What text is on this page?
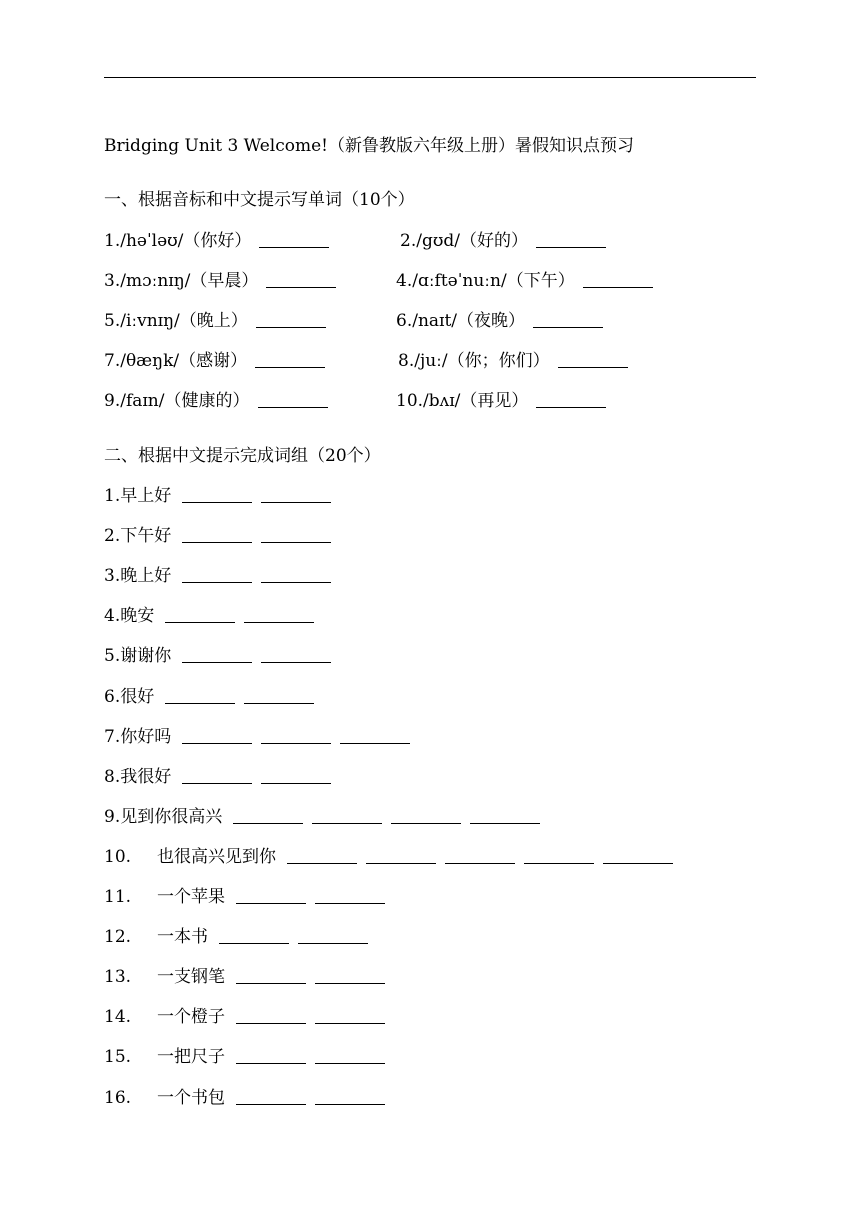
Bridging Unit 3 Welcome!（新鲁教版六年级上册）暑假知识点预习
一、根据音标和中文提示写单词（10个）
1./həˈləʊ/（你好）	2./gʊd/（好的）
3./mɔːnɪŋ/（早晨）	4./ɑːftəˈnuːn/（下午）
5./iːvnɪŋ/（晚上）	6./naɪt/（夜晚）
7./θæŋk/（感谢）	8./juː/（你；你们）
9./faɪn/（健康的）	10./bʌɪ/（再见）
二、根据中文提示完成词组（20个）
1.早上好
2.下午好
3.晚上好
4.晚安
5.谢谢你
6.很好
7.你好吗
8.我很好
9.见到你很高兴
10. 也很高兴见到你
11. 一个苹果
12. 一本书
13. 一支钢笔
14. 一个橙子
15. 一把尺子
16. 一个书包
